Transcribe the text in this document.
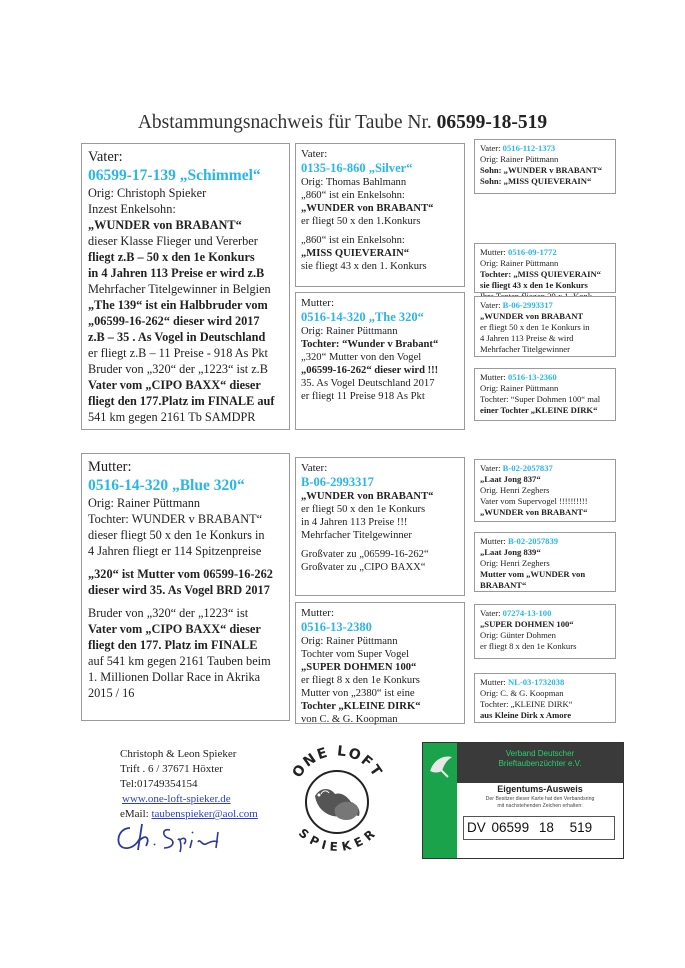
Abstammungsnachweis für Taube Nr. 06599-18-519
Vater:
06599-17-139 „Schimmel“
Orig: Christoph Spieker
Inzest Enkelsohn:
„WUNDER von BRABANT“
dieser Klasse Flieger und Vererber
fliegt z.B – 50 x den 1e Konkurs
in 4 Jahren 113 Preise er wird z.B
Mehrfacher Titelgewinner in Belgien
„The 139“ ist ein Halbbruder vom
„06599-16-262“ dieser wird 2017
z.B – 35 . As Vogel in Deutschland
er fliegt z.B – 11 Preise - 918 As Pkt
Bruder von „320“ der „1223“ ist z.B
Vater vom „CIPO BAXX“ dieser
fliegt den 177.Platz im FINALE auf
541 km gegen 2161 Tb SAMDPR
Mutter:
0516-14-320 „Blue 320“
Orig: Rainer Püttmann
Tochter: WUNDER v BRABANT“
dieser fliegt 50 x den 1e Konkurs in
4 Jahren fliegt er 114 Spitzenpreise
„320“ ist Mutter vom 06599-16-262
dieser wird 35. As Vogel BRD 2017
Bruder von „320“ der „1223“ ist
Vater vom „CIPO BAXX“ dieser
fliegt den 177. Platz im FINALE
auf 541 km gegen 2161 Tauben beim
1. Millionen Dollar Race in Akrika
2015 / 16
Vater:
0135-16-860 „Silver“
Orig: Thomas Bahlmann
„860“ ist ein Enkelsohn:
„WUNDER von BRABANT“
er fliegt 50 x den 1.Konkurs
„860“ ist ein Enkelsohn:
„MISS QUIEVERAIN“
sie fliegt 43 x den 1. Konkurs
Mutter:
0516-14-320 „The 320“
Orig: Rainer Püttmann
Tochter: “Wunder v Brabant“
„320“ Mutter von den Vogel
„06599-16-262“ dieser wird !!!
35. As Vogel Deutschland 2017
er fliegt 11 Preise 918 As Pkt
Vater:
B-06-2993317
„WUNDER von BRABANT“
er fliegt 50 x den 1e Konkurs
in 4 Jahren 113 Preise !!!
Mehrfacher Titelgewinner
Großvater zu „06599-16-262“
Großvater zu „CIPO BAXX“
Mutter:
0516-13-2380
Orig: Rainer Püttmann
Tochter vom Super Vogel
„SUPER DOHMEN 100“
er fliegt 8 x den 1e Konkurs
Mutter von „2380“ ist eine
Tochter „KLEINE DIRK“
von C. & G. Koopman
Vater: 0516-112-1373
Orig: Rainer Püttmann
Sohn: „WUNDER v BRABANT“
Sohn: „MISS QUIEVERAIN“
Mutter: 0516-09-1772
Orig: Rainer Püttmann
Tochter: „MISS QUIEVERAIN“
sie fliegt 43 x den 1e Konkurs
Vater: B-06-2993317
„WUNDER von BRABANT
er fliegt 50 x den 1e Konkurs in
4 Jahren 113 Preise & wird
Mehrfacher Titelgewinner
Mutter: 0516-13-2360
Orig: Rainer Püttmann
Tochter: “Super Dohmen 100“ mal
einer Tochter „KLEINE DIRK“
Vater: B-02-2057837
„Laat Jong 837“
Orig. Henri Zeghers
Vater vom Supervogel !!!!!!!!!!
„WUNDER von BRABANT“
Mutter: B-02-2057839
„Laat Jong 839“
Orig: Henri Zeghers
Mutter vom „WUNDER von
BRABANT“
Vater: 07274-13-100
„SUPER DOHMEN 100“
Orig: Günter Dohmen
er fliegt 8 x den 1e Konkurs
Mutter: NL-03-1732038
Orig: C. & G. Koopman
Tochter: „KLEINE DIRK“
aus Kleine Dirk x Amore
Christoph & Leon Spieker
Trift . 6 / 37671 Höxter
Tel:01749354154
www.one-loft-spieker.de
eMail: taubenspieker@aol.com
ONE LOFT
SPIEKER
Verband Deutscher
Brieftaubenzüchter e.V.
Eigentums-Ausweis
Der Besitzer dieser Karte hat den Verbandsring
mit nachstehenden Zeichen erhalten:
DV 06599 18 519
